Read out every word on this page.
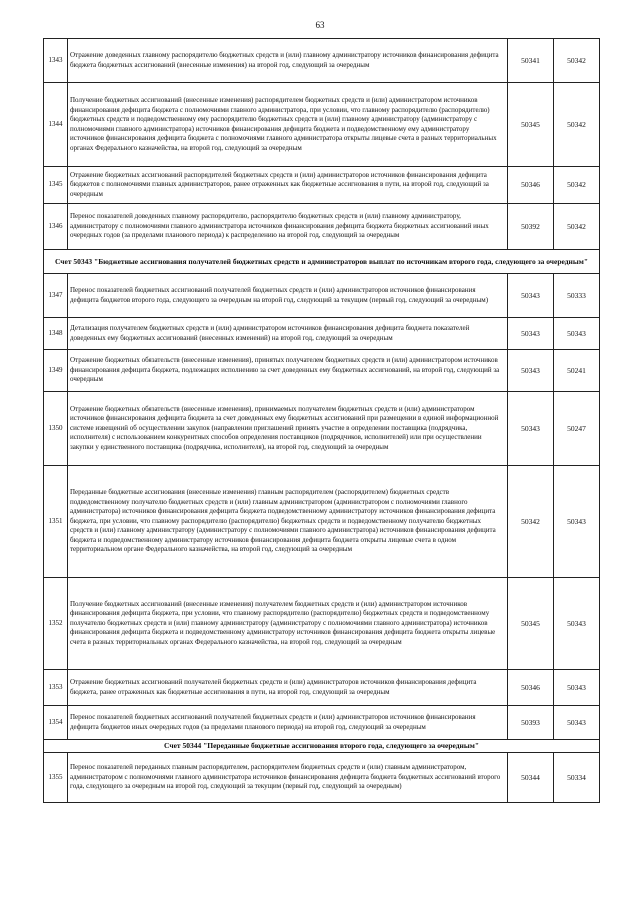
63
1343	Отражение доведенных главному распорядителю бюджетных средств и (или) главному администратору источников финансирования дефицита бюджета бюджетных ассигнований (внесенные изменения) на второй год, следующий за очередным	50341	50342
1344	Получение бюджетных ассигнований (внесенные изменения) распорядителем бюджетных средств и (или) администратором источников финансирования дефицита бюджета с полномочиями главного администратора, при условии, что главному распорядителю (распорядителю) бюджетных средств и подведомственному ему распорядителю бюджетных средств и (или) главному администратору (администратору с полномочиями главного администратора) источников финансирования дефицита бюджета и подведомственному ему администратору источников финансирования дефицита бюджета с полномочиями главного администратора открыты лицевые счета в разных территориальных органах Федерального казначейства, на второй год, следующий за очередным	50345	50342
1345	Отражение бюджетных ассигнований распорядителей бюджетных средств и (или) администраторов источников финансирования дефицита бюджетов с полномочиями главных администраторов, ранее отраженных как бюджетные ассигнования в пути, на второй год, следующий за очередным	50346	50342
1346	Перенос показателей доведенных главному распорядителю, распорядителю бюджетных средств и (или) главному администратору, администратору с полномочиями главного администратора источников финансирования дефицита бюджета бюджетных ассигнований иных очередных годов (за пределами планового периода) к распределению на второй год, следующий за очередным	50392	50342
Счет 50343 "Бюджетные ассигнования получателей бюджетных средств и администраторов выплат по источникам второго года, следующего за очередным"			
1347	Перенос показателей бюджетных ассигнований получателей бюджетных средств и (или) администраторов источников финансирования дефицита бюджетов второго года, следующего за очередным на второй год, следующий за текущим (первый год, следующий за очередным)	50343	50333
1348	Детализация получателем бюджетных средств и (или) администратором источников финансирования дефицита бюджета показателей доведенных ему бюджетных ассигнований (внесенных изменений) на второй год, следующий за очередным	50343	50343
1349	Отражение бюджетных обязательств (внесенные изменения), принятых получателем бюджетных средств и (или) администратором источников финансирования дефицита бюджета, подлежащих исполнению за счет доведенных ему бюджетных ассигнований, на второй год, следующий за очередным	50343	50241
1350	Отражение бюджетных обязательств (внесенные изменения), принимаемых получателем бюджетных средств и (или) администратором источников финансирования дефицита бюджета за счет доведенных ему бюджетных ассигнований при размещении в единой информационной системе извещений об осуществлении закупок (направлении приглашений принять участие в определении поставщика (подрядчика, исполнителя) с использованием конкурентных способов определения поставщиков (подрядчиков, исполнителей) или при осуществлении закупки у единственного поставщика (подрядчика, исполнителя), на второй год, следующий за очередным	50343	50247
1351	Переданные бюджетные ассигнования (внесенные изменения) главным распорядителем (распорядителем) бюджетных средств подведомственному получателю бюджетных средств и (или) главным администратором (администратором с полномочиями главного администратора) источников финансирования дефицита бюджета подведомственному администратору источников финансирования дефицита бюджета, при условии, что главному распорядителю (распорядителю) бюджетных средств и подведомственному получателю бюджетных средств и (или) главному администратору (администратору с полномочиями главного администратора) источников финансирования дефицита бюджета и подведомственному администратору источников финансирования дефицита бюджета открыты лицевые счета в одном территориальном органе Федерального казначейства, на второй год, следующий за очередным	50342	50343
1352	Получение бюджетных ассигнований (внесенные изменения) получателем бюджетных средств и (или) администратором источников финансирования дефицита бюджета, при условии, что главному распорядителю (распорядителю) бюджетных средств и подведомственному получателю бюджетных средств и (или) главному администратору (администратору с полномочиями главного администратора) источников финансирования дефицита бюджета и подведомственному администратору источников финансирования дефицита бюджета открыты лицевые счета в разных территориальных органах Федерального казначейства, на второй год, следующий за очередным	50345	50343
1353	Отражение бюджетных ассигнований получателей бюджетных средств и (или) администраторов источников финансирования дефицита бюджета, ранее отраженных как бюджетные ассигнования в пути, на второй год, следующий за очередным	50346	50343
1354	Перенос показателей бюджетных ассигнований получателей бюджетных средств и (или) администраторов источников финансирования дефицита бюджетов иных очередных годов (за пределами планового периода) на второй год, следующий за очередным	50393	50343
Счет 50344 "Переданные бюджетные ассигнования второго года, следующего за очередным"			
1355	Перенос показателей переданных главным распорядителем, распорядителем бюджетных средств и (или) главным администратором, администратором с полномочиями главного администратора источников финансирования дефицита бюджета бюджетных ассигнований второго года, следующего за очередным на второй год, следующий за текущим (первый год, следующий за очередным)	50344	50334
